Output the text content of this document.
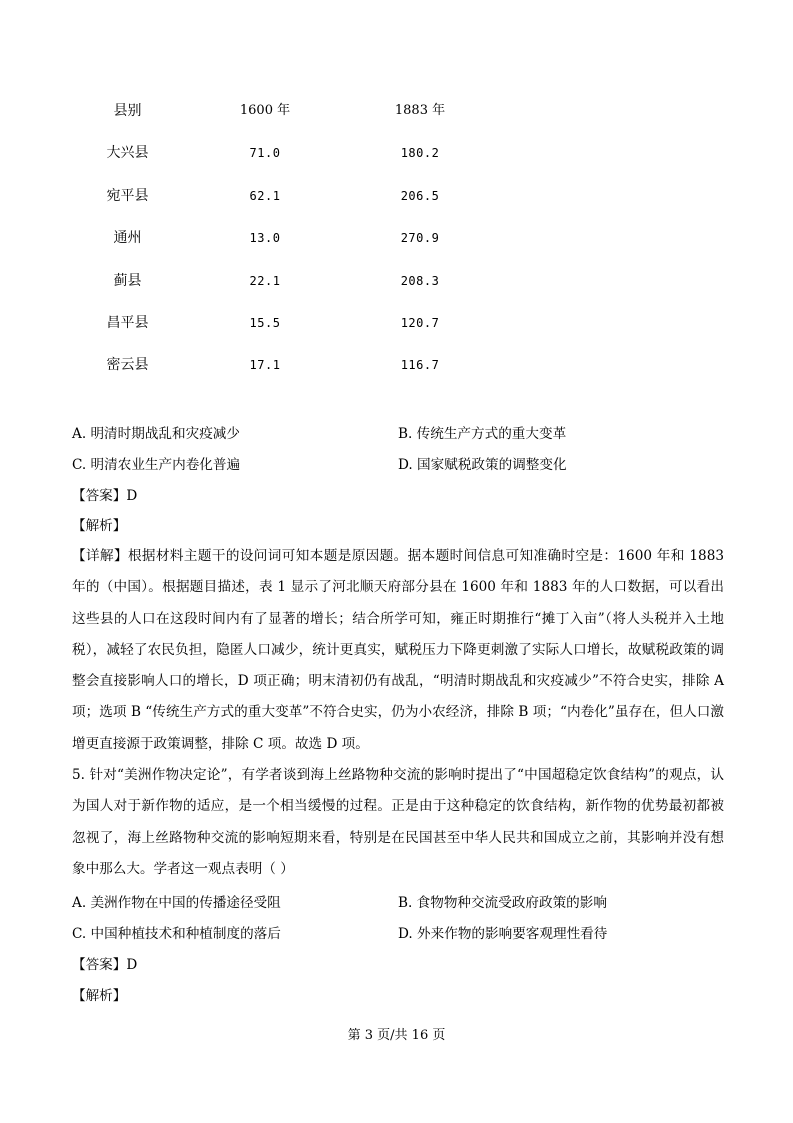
县别	1600 年	1883 年
大兴县	71.0	180.2
宛平县	62.1	206.5
通州	13.0	270.9
蓟县	22.1	208.3
昌平县	15.5	120.7
密云县	17.1	116.7
A. 明清时期战乱和灾疫减少	B. 传统生产方式的重大变革
C. 明清农业生产内卷化普遍	D. 国家赋税政策的调整变化
【答案】D
【解析】
【详解】根据材料主题干的设问词可知本题是原因题。据本题时间信息可知准确时空是：1600 年和 1883 年的（中国）。根据题目描述，表 1 显示了河北顺天府部分县在 1600 年和 1883 年的人口数据，可以看出这些县的人口在这段时间内有了显著的增长；结合所学可知，雍正时期推行“摊丁入亩”（将人头税并入土地税），减轻了农民负担，隐匿人口减少，统计更真实，赋税压力下降更刺激了实际人口增长，故赋税政策的调整会直接影响人口的增长，D 项正确；明末清初仍有战乱，“明清时期战乱和灾疫减少”不符合史实，排除 A 项；选项 B “传统生产方式的重大变革”不符合史实，仍为小农经济，排除 B 项；“内卷化”虽存在，但人口激增更直接源于政策调整，排除 C 项。故选 D 项。
5. 针对“美洲作物决定论”，有学者谈到海上丝路物种交流的影响时提出了“中国超稳定饮食结构”的观点，认为国人对于新作物的适应，是一个相当缓慢的过程。正是由于这种稳定的饮食结构，新作物的优势最初都被忽视了，海上丝路物种交流的影响短期来看，特别是在民国甚至中华人民共和国成立之前，其影响并没有想象中那么大。学者这一观点表明（ ）
A. 美洲作物在中国的传播途径受阻	B. 食物物种交流受政府政策的影响
C. 中国种植技术和种植制度的落后	D. 外来作物的影响要客观理性看待
【答案】D
【解析】
第 3 页/共 16 页
